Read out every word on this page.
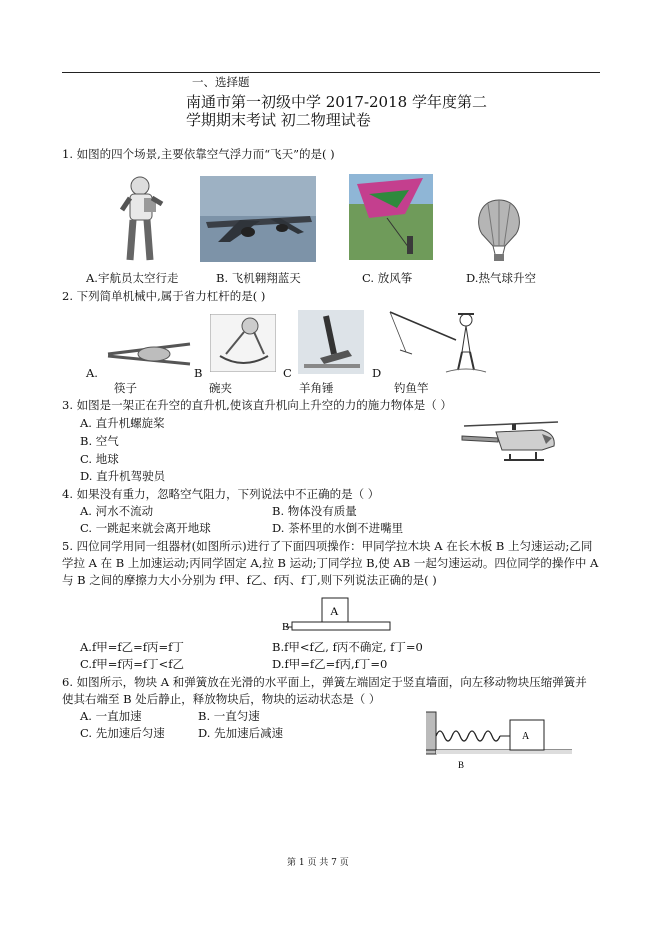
一、选择题
南通市第一初级中学 2017-2018 学年度第二
学期期末考试 初二物理试卷
1. 如图的四个场景,主要依靠空气浮力而“飞天”的是( )
A.宇航员太空行走	B. 飞机翱翔蓝天	C. 放风筝	D.热气球升空
2. 下列简单机械中,属于省力杠杆的是( )
A.	B	C	D
筷子	碗夹	羊角锤	钓鱼竿
3. 如图是一架正在升空的直升机,使该直升机向上升空的力的施力物体是（ ）
A. 直升机螺旋桨
B. 空气
C. 地球
D. 直升机驾驶员
4. 如果没有重力，忽略空气阻力，下列说法中不正确的是（ ）
A. 河水不流动	B. 物体没有质量
C. 一跳起来就会离开地球	D. 茶杯里的水倒不进嘴里
5. 四位同学用同一组器材(如图所示)进行了下面四项操作：甲同学拉木块 A 在长木板 B 上匀速运动;乙同
学拉 A 在 B 上加速运动;丙同学固定 A,拉 B 运动;丁同学拉 B,使 AB 一起匀速运动。四位同学的操作中 A
与 B 之间的摩擦力大小分别为 f甲、f乙、f丙、f丁,则下列说法正确的是( )
A
B
A.f甲=f乙=f丙=f丁	B.f甲<f乙, f丙不确定, f丁=0
C.f甲=f丙=f丁<f乙	D.f甲=f乙=f丙,f丁=0
6. 如图所示，物块 A 和弹簧放在光滑的水平面上，弹簧左端固定于竖直墙面，向左移动物块压缩弹簧并
使其右端至 B 处后静止，释放物块后，物块的运动状态是（ ）
A. 一直加速	B. 一直匀速
C. 先加速后匀速	D. 先加速后减速	A
B
第 1 页 共 7 页
